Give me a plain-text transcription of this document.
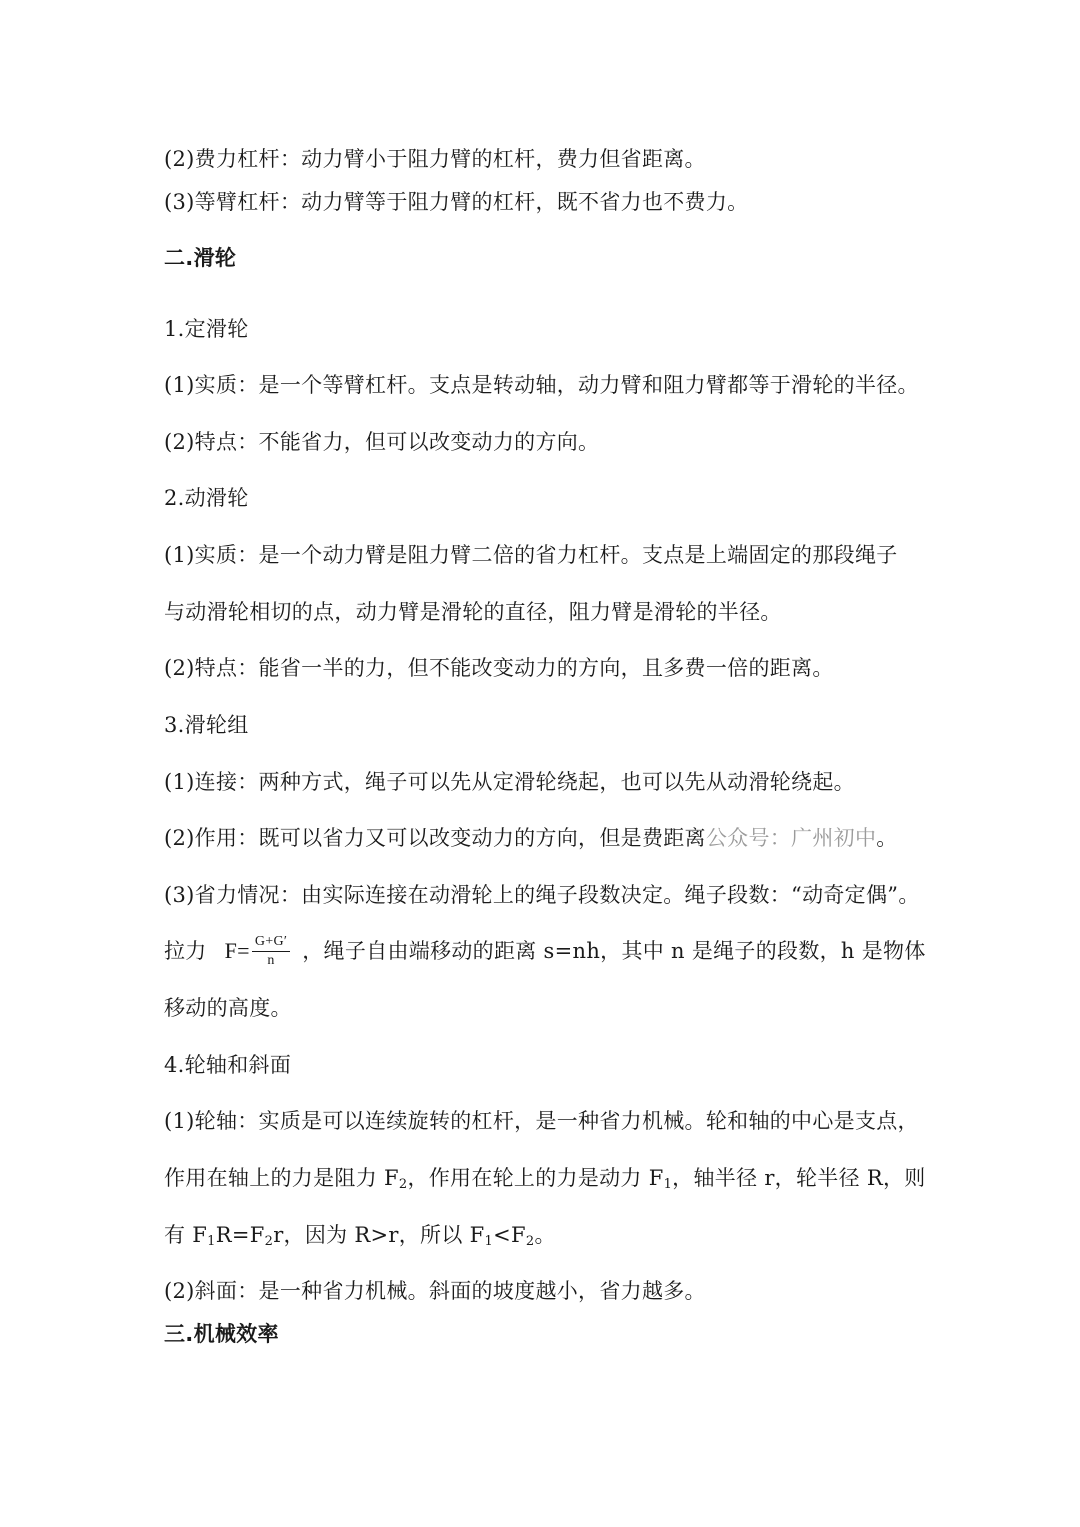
(2)费力杠杆：动力臂小于阻力臂的杠杆，费力但省距离。

(3)等臂杠杆：动力臂等于阻力臂的杠杆，既不省力也不费力。

二.滑轮

1.定滑轮

(1)实质：是一个等臂杠杆。支点是转动轴，动力臂和阻力臂都等于滑轮的半径。

(2)特点：不能省力，但可以改变动力的方向。

2.动滑轮

(1)实质：是一个动力臂是阻力臂二倍的省力杠杆。支点是上端固定的那段绳子

与动滑轮相切的点，动力臂是滑轮的直径，阻力臂是滑轮的半径。

(2)特点：能省一半的力，但不能改变动力的方向，且多费一倍的距离。

3.滑轮组

(1)连接：两种方式，绳子可以先从定滑轮绕起，也可以先从动滑轮绕起。

(2)作用：既可以省力又可以改变动力的方向，但是费距离公众号：广州初中。

(3)省力情况：由实际连接在动滑轮上的绳子段数决定。绳子段数：“动奇定偶”。

拉力 $F= \frac{G+G'}{n}$ ，绳子自由端移动的距离 s=nh，其中 n 是绳子的段数，h 是物体

移动的高度。

4.轮轴和斜面

(1)轮轴：实质是可以连续旋转的杠杆，是一种省力机械。轮和轴的中心是支点，

作用在轴上的力是阻力 $F_2$，作用在轮上的力是动力 $F_1$，轴半径 r，轮半径 R，则

有 $F_1R=F_2r$，因为 R>r，所以 $F_1<F_2$。

(2)斜面：是一种省力机械。斜面的坡度越小，省力越多。

三.机械效率
